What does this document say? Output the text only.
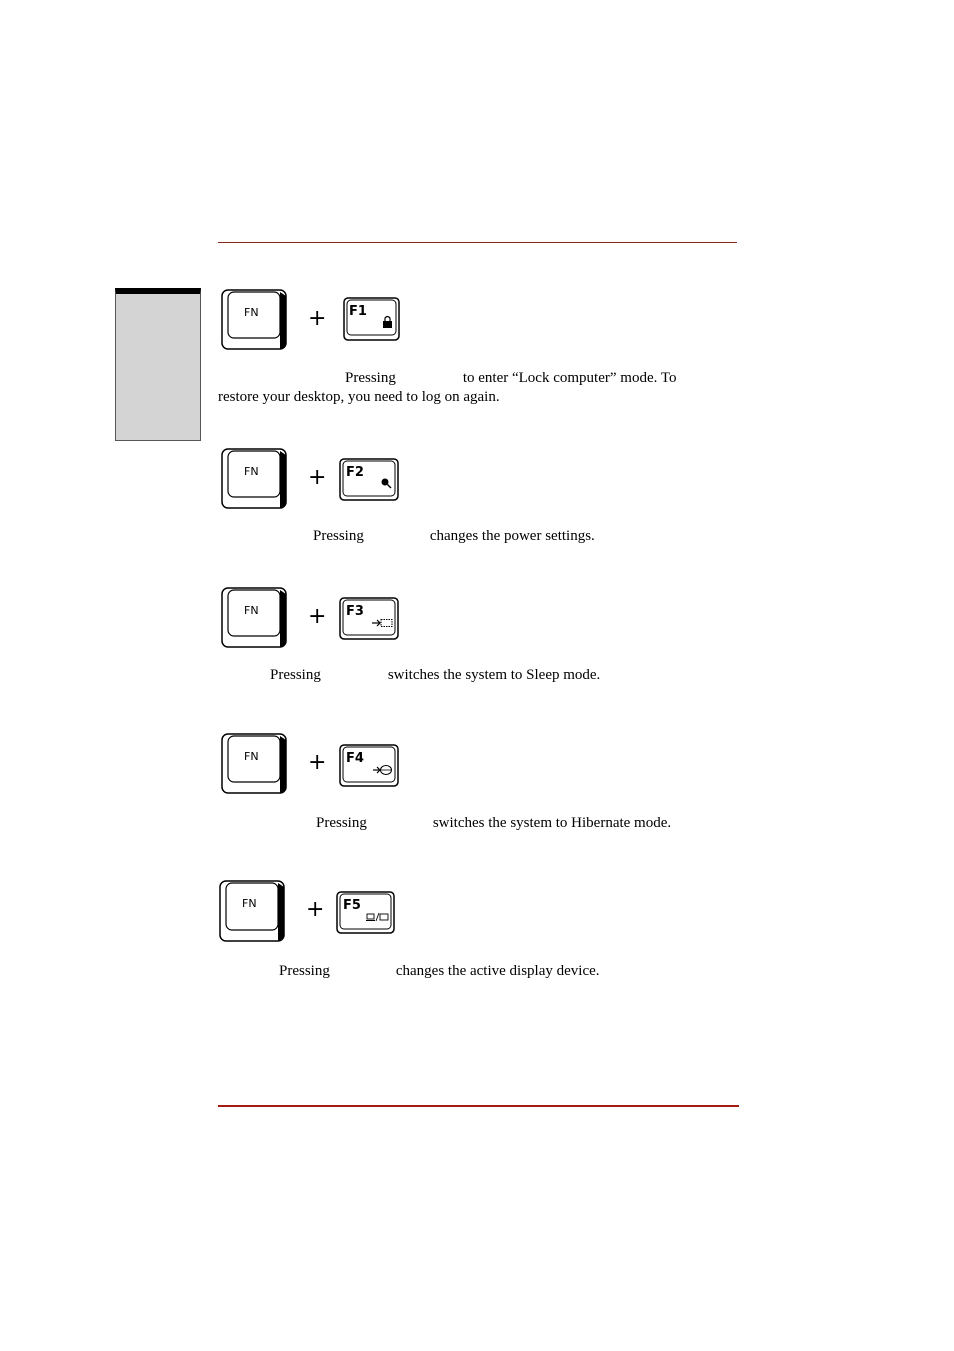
FN	F1
+
Pressing	to enter “Lock computer” mode. To
restore your desktop, you need to log on again.
FN	F2
+
Pressing	changes the power settings.
FN	F3
+
Pressing	switches the system to Sleep mode.
FN	F4
+
Pressing	switches the system to Hibernate mode.
FN	F5
+
Pressing	changes the active display device.
